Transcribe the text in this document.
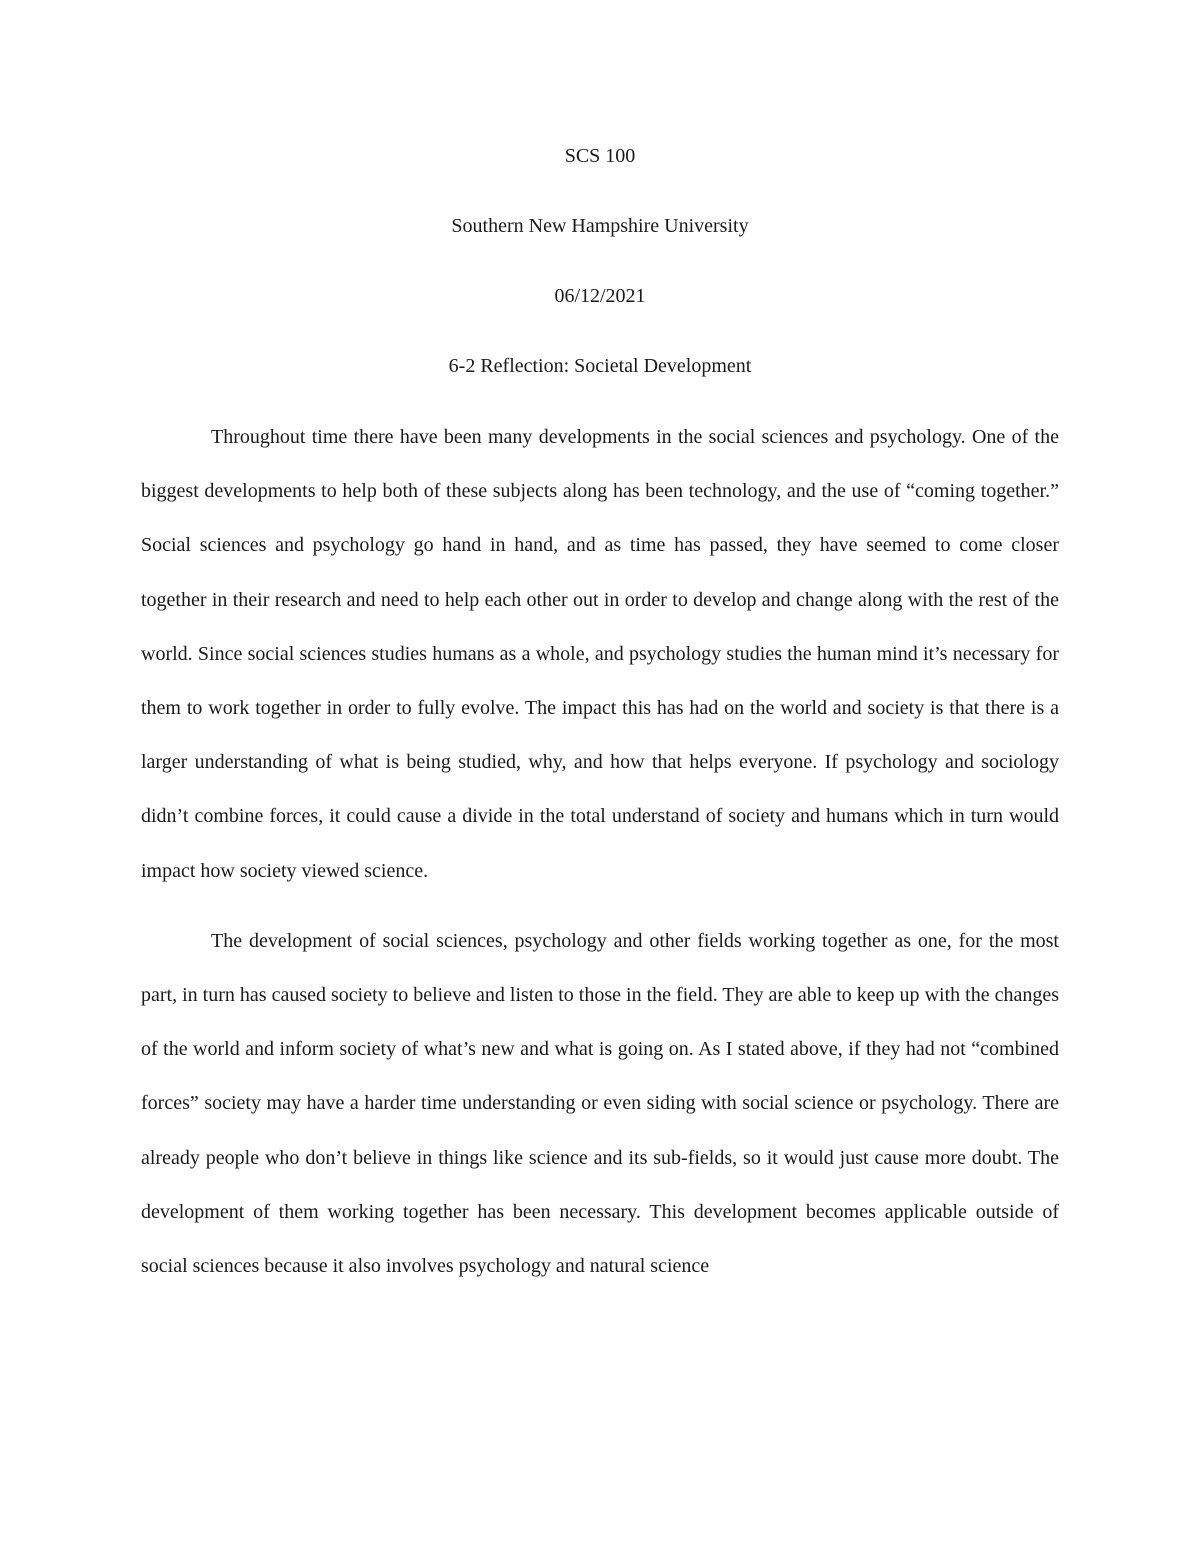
SCS 100
Southern New Hampshire University
06/12/2021
6-2 Reflection: Societal Development

Throughout time there have been many developments in the social sciences and psychology. One of the biggest developments to help both of these subjects along has been technology, and the use of “coming together.” Social sciences and psychology go hand in hand, and as time has passed, they have seemed to come closer together in their research and need to help each other out in order to develop and change along with the rest of the world. Since social sciences studies humans as a whole, and psychology studies the human mind it’s necessary for them to work together in order to fully evolve. The impact this has had on the world and society is that there is a larger understanding of what is being studied, why, and how that helps everyone. If psychology and sociology didn’t combine forces, it could cause a divide in the total understand of society and humans which in turn would impact how society viewed science.

The development of social sciences, psychology and other fields working together as one, for the most part, in turn has caused society to believe and listen to those in the field. They are able to keep up with the changes of the world and inform society of what’s new and what is going on. As I stated above, if they had not “combined forces” society may have a harder time understanding or even siding with social science or psychology. There are already people who don’t believe in things like science and its sub-fields, so it would just cause more doubt. The development of them working together has been necessary. This development becomes applicable outside of social sciences because it also involves psychology and natural science
